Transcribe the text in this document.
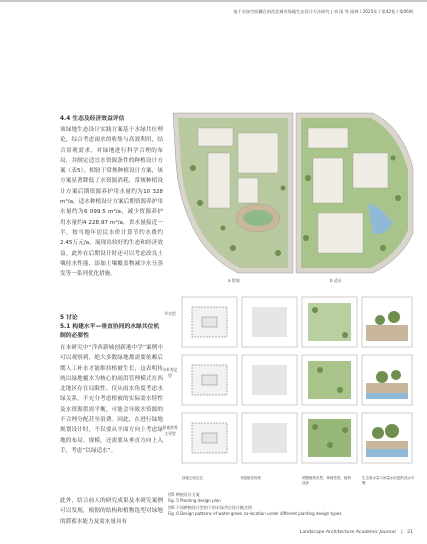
基于水绿空间耦合的西北城市绿地生态设计方法研究 | 刘 雨 等 园林 / 2025年 / 第42卷 / 第06期
4.4 生态及经济效益评估
该绿地生态设计实践方案基于水绿共位理论，综合考虑雨水的收集与高效利用，结合景观需求，对绿地进行科学合理的布局，并制定适宜水资源条件的种植设计方案（表5）。相较于常规种植设计方案，该方案显著降低了水资源消耗，常规种植设计方案后期资源养护用水量约为10 328 m³/a，适水种植设计方案后期资源养护用水量约为6 099.5 m³/a，减少资源养护用水量约4 228.97 m³/a，省水量接近一半，按当地年居民水价计算节约水费约2.45万元/a，展现出较好的生态和经济效益。此外在后期设计时还可以考虑改良土壤持水性能、添加土壤覆盖物减少水分蒸发等一系列优化措施。
5 讨论
5.1 构建水平—垂直协同的水绿共位机制的必要性
在本研究中“洋西新城创新港中学”案例中可以观察到，绝大多数绿地都需要依赖后期人工补水才能维持植被生长，这表明传统以绿地覆水为核心的雨洪管理模式在西北地区存在局限性。仅从雨水角度考虑水绿关系，不充分考虑植被的实际需水特性及水资源供需平衡，可能会导致水资源的不合理分配甚至浪费。因此，在进行绿地规划设计时，不仅要从平面方向上考虑绿地的布局、规模，还需要从垂直方向上入手，考虑“以绿适水”。
此外，结合前人的研究成果及本研究案例可以发现，根据的结构和植物选型对绿地的滞蓄水能力及需水量具有
a 常规	b 适水
节水型
水补充足型
景观营养主导型
绿地空间定位	乔配植依规规	调整植物类型、种植密度、植物选择
生态需水量与雨量水匹配的成水平衡
图5 种植设计方案
Fig. 5 Planting design plan
图6 不同种植设计型的下的水绿共位设计模式图
Fig. 6 Design patterns of water-green co-location under different planting design types
Landscape Architecture Academic Journal | 21
